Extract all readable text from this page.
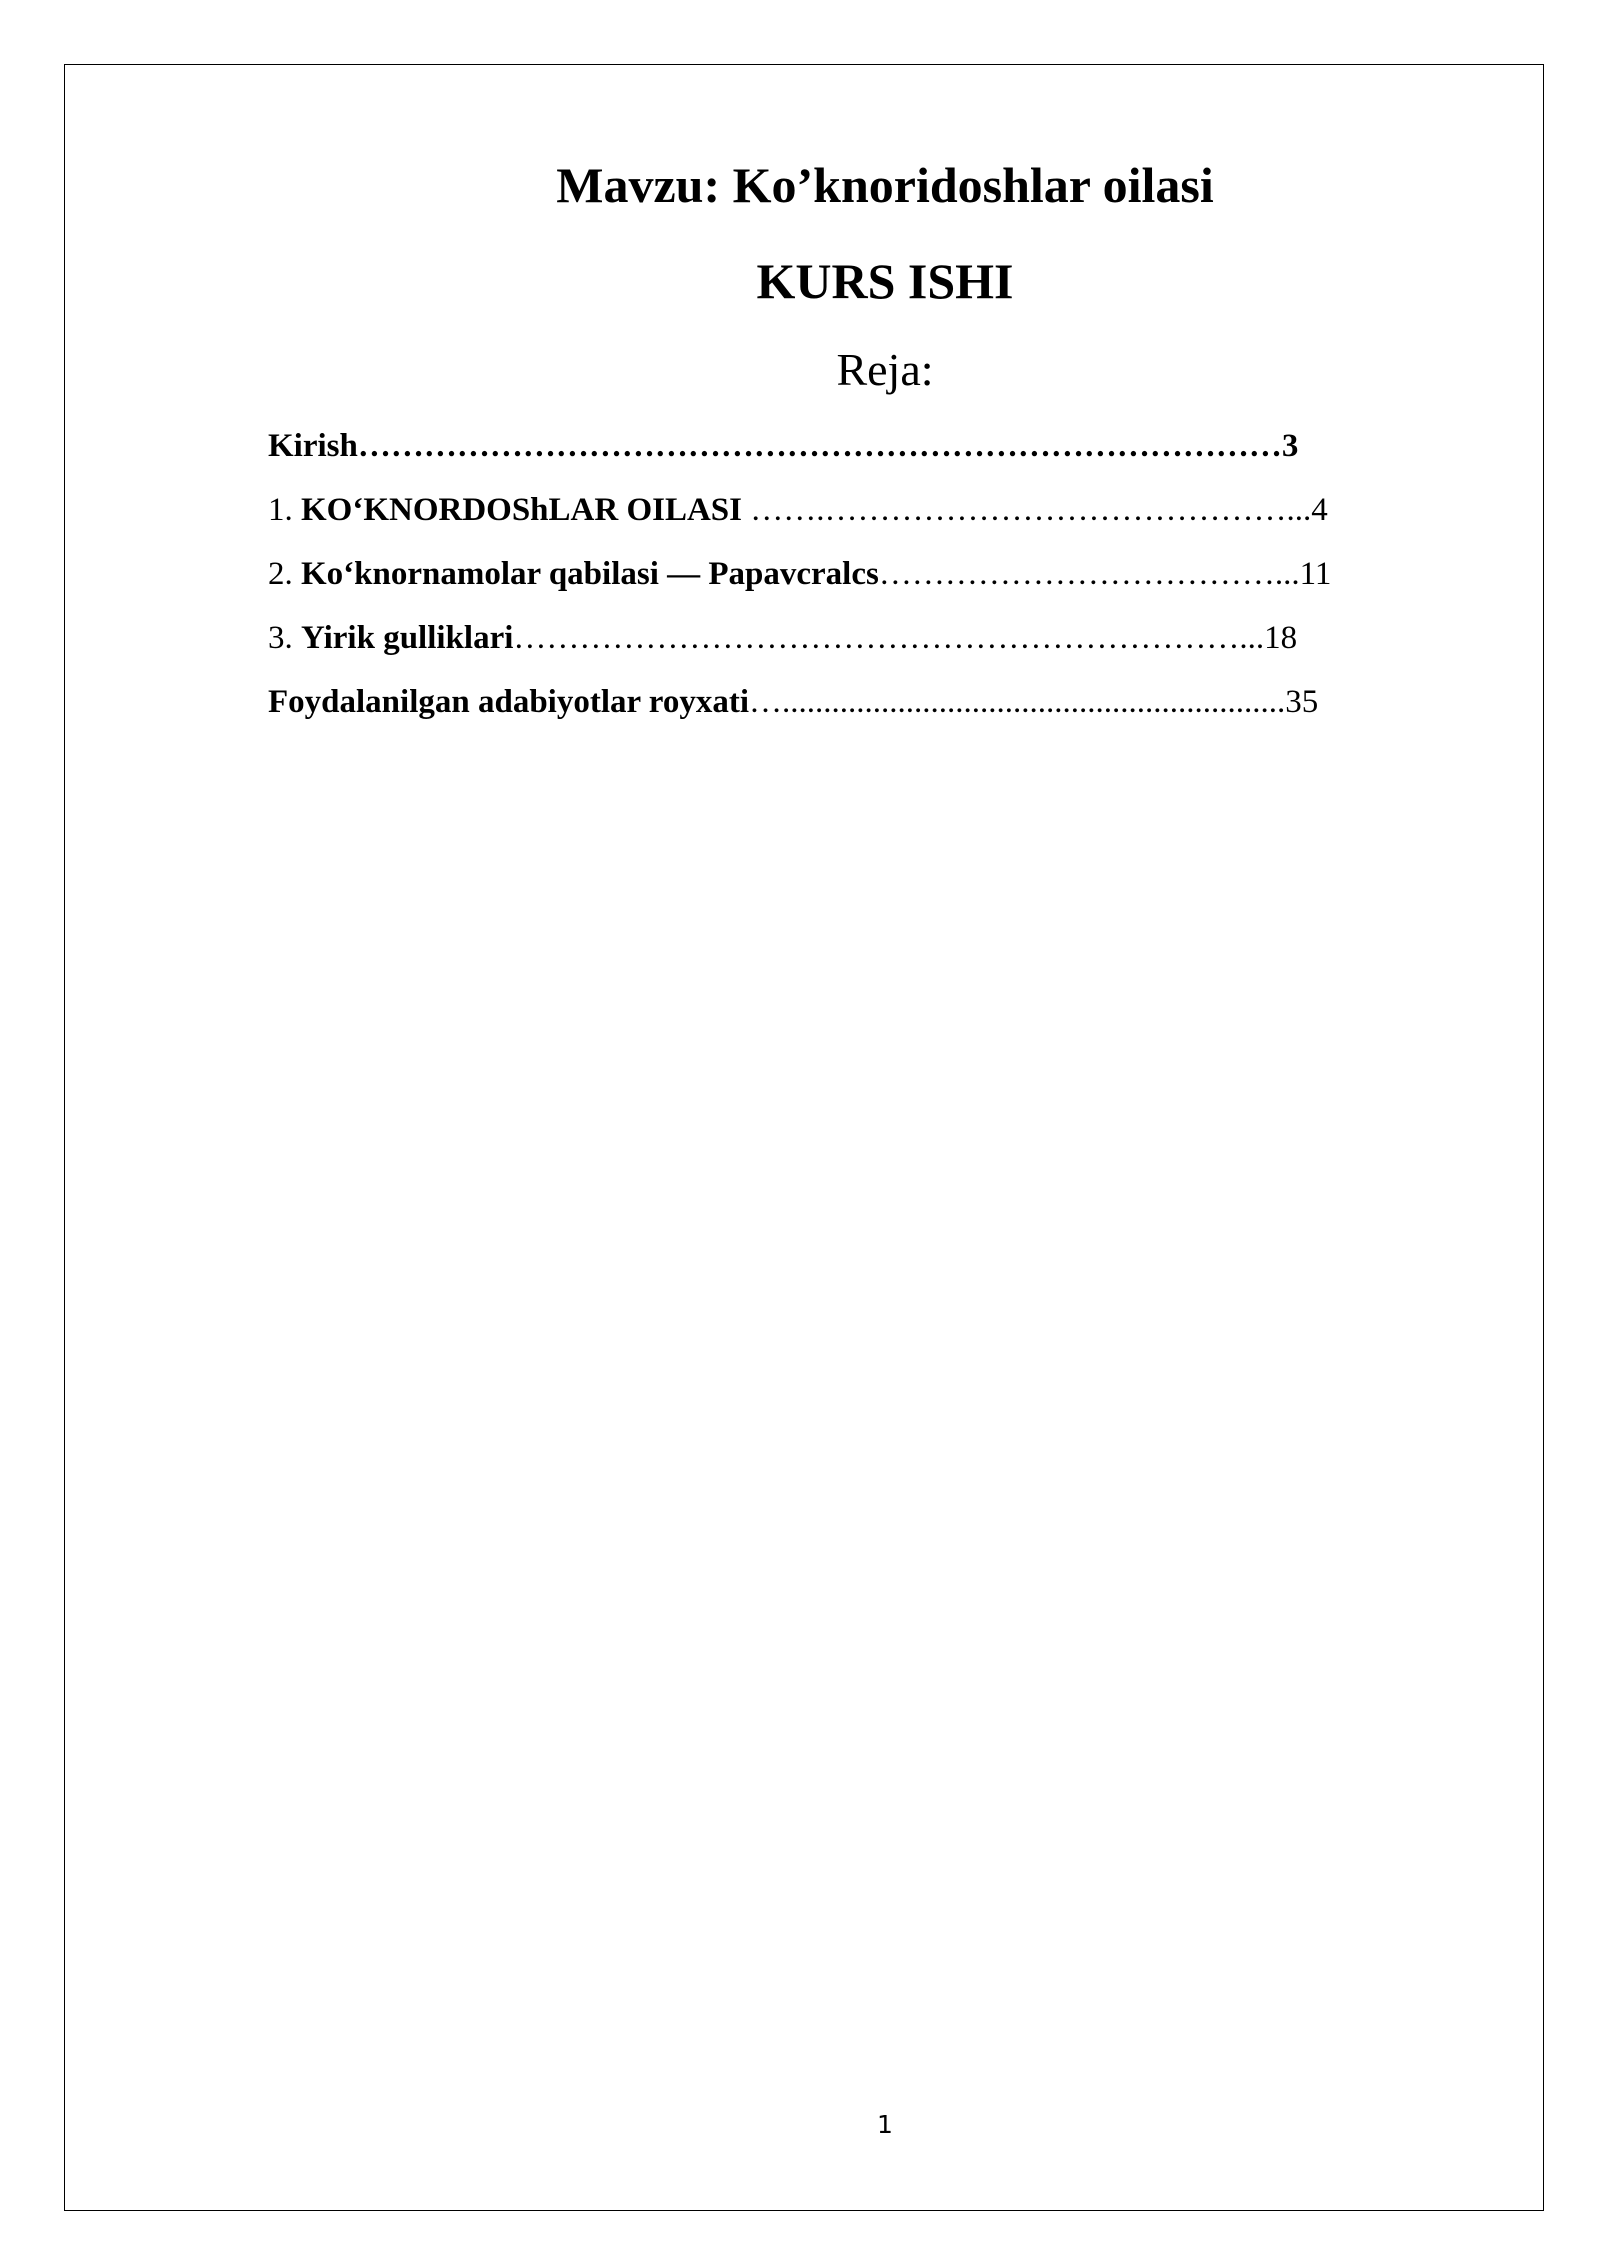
Mavzu: Ko’knoridoshlar oilasi
KURS ISHI
Reja:
Kirish…………………………………………………………………………3
1. KO‘KNORDOShLAR OILASI …….……………………………………...4
2. Ko‘knornamolar qabilasi — Papavcralcs………………………………...11
3. Yirik gulliklari…………………………………………………………...18
Foydalanilgan adabiyotlar royxati….............................................................35
1
